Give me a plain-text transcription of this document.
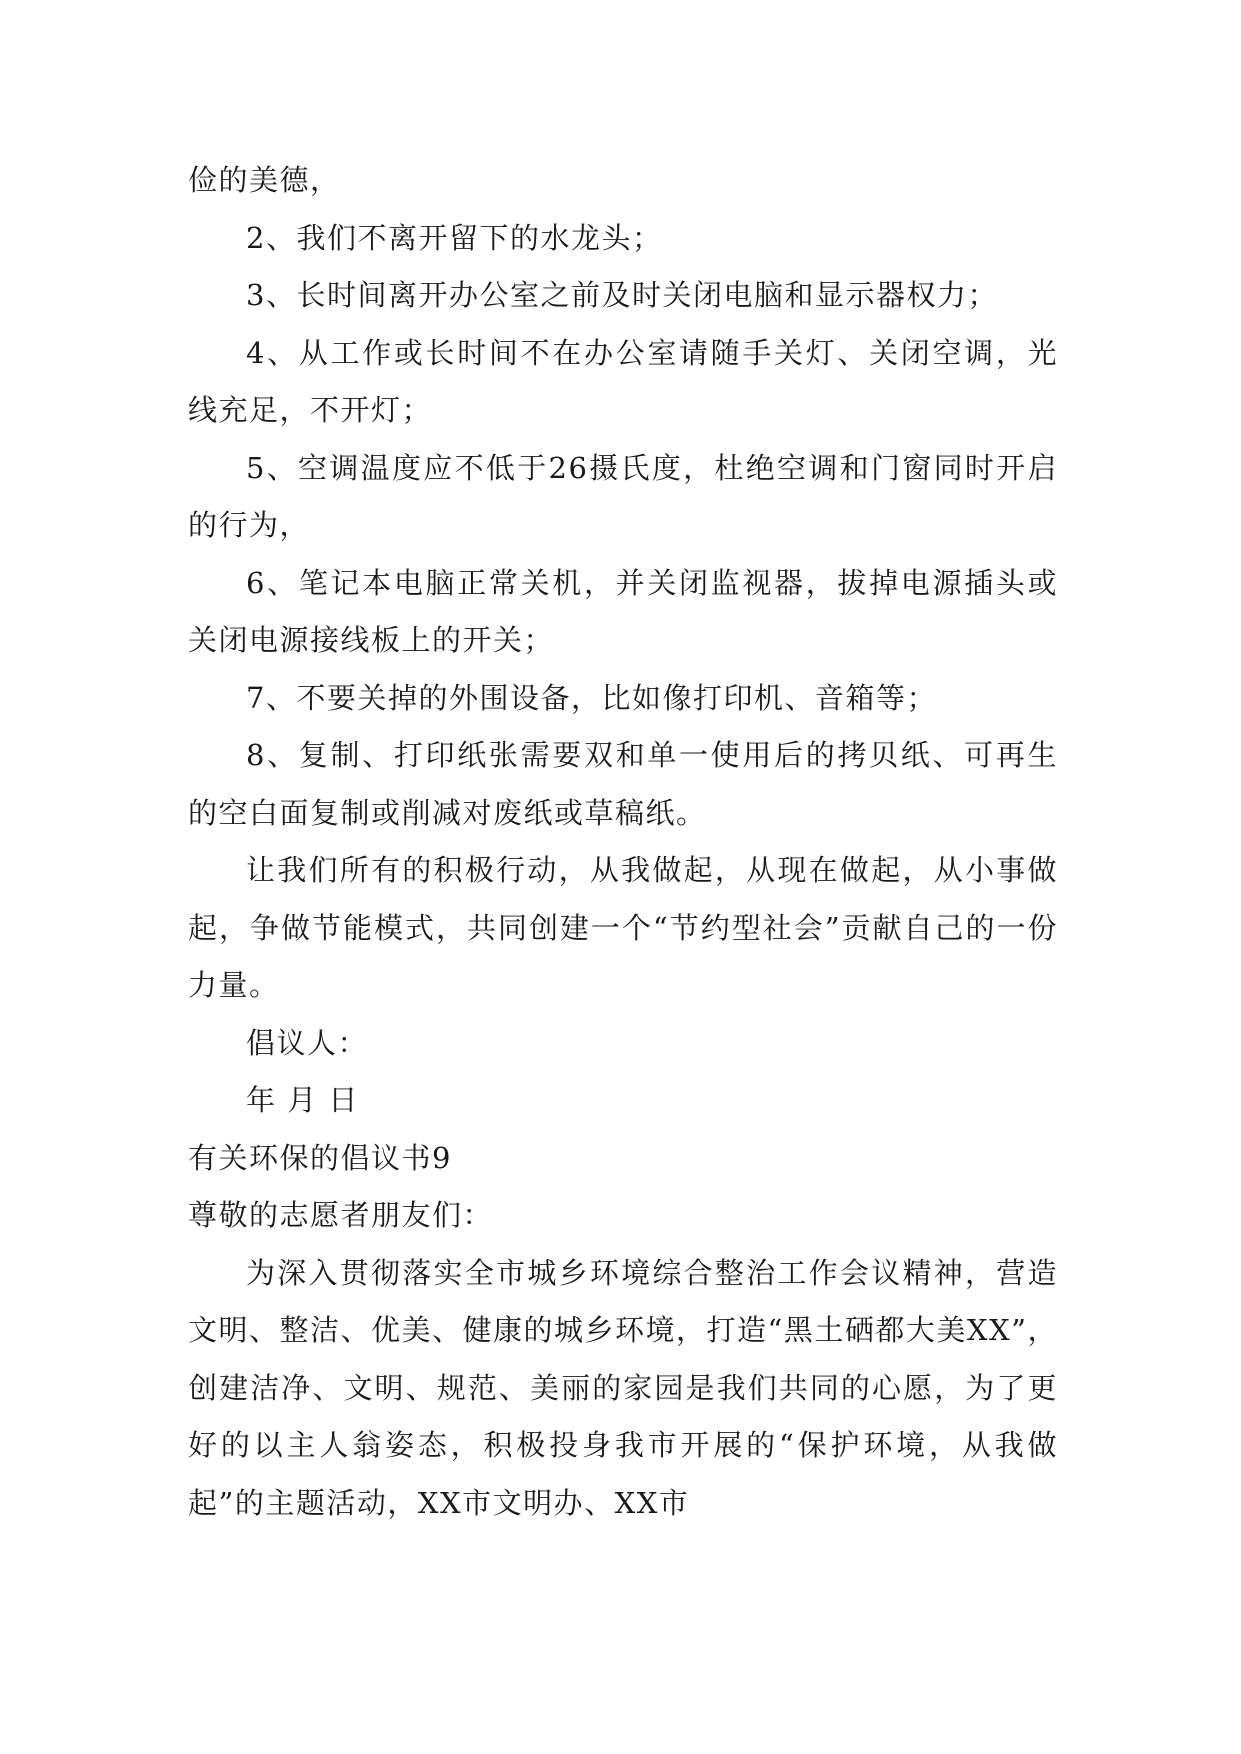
俭的美德，

2、我们不离开留下的水龙头；

3、长时间离开办公室之前及时关闭电脑和显示器权力；

4、从工作或长时间不在办公室请随手关灯、关闭空调，光线充足，不开灯；

5、空调温度应不低于26摄氏度，杜绝空调和门窗同时开启的行为，

6、笔记本电脑正常关机，并关闭监视器，拔掉电源插头或关闭电源接线板上的开关；

7、不要关掉的外围设备，比如像打印机、音箱等；

8、复制、打印纸张需要双和单一使用后的拷贝纸、可再生的空白面复制或削减对废纸或草稿纸。

让我们所有的积极行动，从我做起，从现在做起，从小事做起，争做节能模式，共同创建一个“节约型社会”贡献自己的一份力量。

倡议人：

年 月 日

有关环保的倡议书9

尊敬的志愿者朋友们：

为深入贯彻落实全市城乡环境综合整治工作会议精神，营造文明、整洁、优美、健康的城乡环境，打造“黑土硒都大美XX”，创建洁净、文明、规范、美丽的家园是我们共同的心愿，为了更好的以主人翁姿态，积极投身我市开展的“保护环境，从我做起”的主题活动，XX市文明办、XX市
